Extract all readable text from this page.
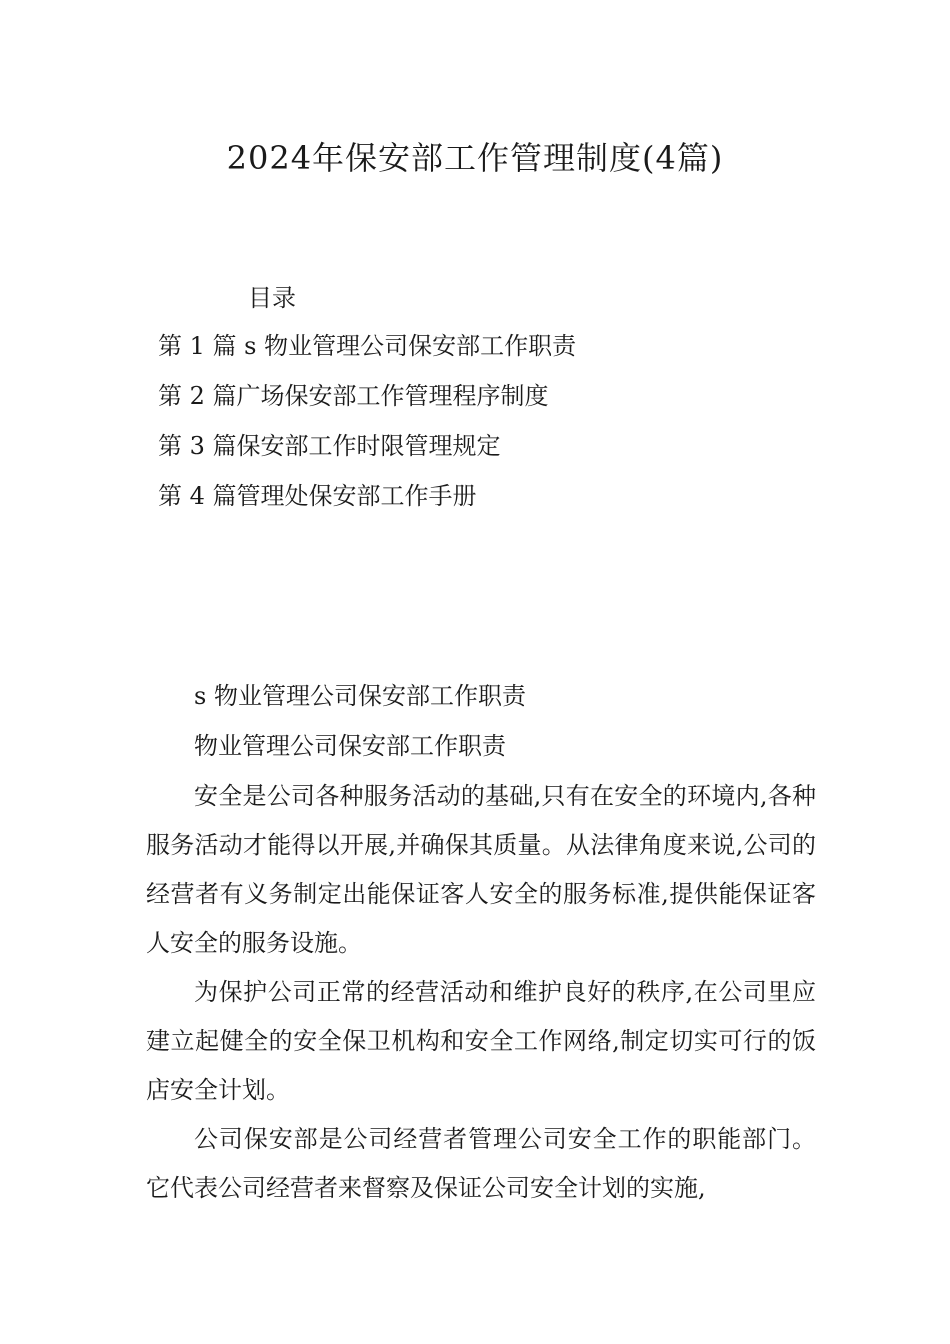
2024年保安部工作管理制度(4篇)
目录
第 1 篇 s 物业管理公司保安部工作职责
第 2 篇广场保安部工作管理程序制度
第 3 篇保安部工作时限管理规定
第 4 篇管理处保安部工作手册
s 物业管理公司保安部工作职责
物业管理公司保安部工作职责

安全是公司各种服务活动的基础,只有在安全的环境内,各种服务活动才能得以开展,并确保其质量。从法律角度来说,公司的经营者有义务制定出能保证客人安全的服务标准,提供能保证客人安全的服务设施。

为保护公司正常的经营活动和维护良好的秩序,在公司里应建立起健全的安全保卫机构和安全工作网络,制定切实可行的饭店安全计划。

公司保安部是公司经营者管理公司安全工作的职能部门。它代表公司经营者来督察及保证公司安全计划的实施,
